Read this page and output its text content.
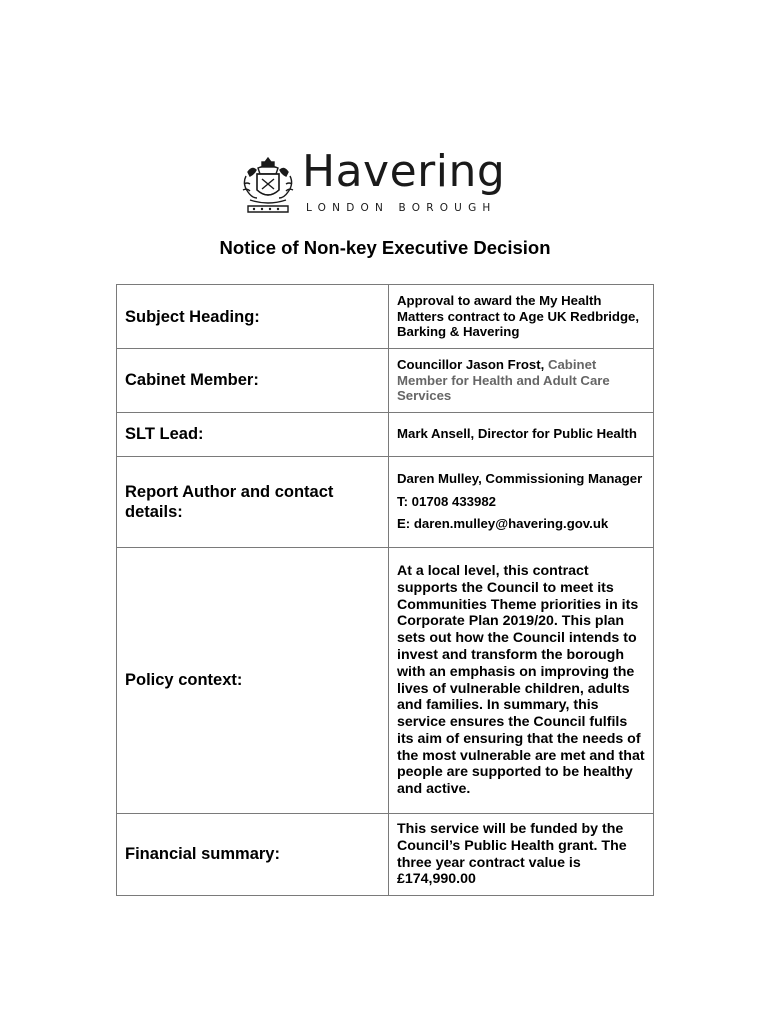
Havering
LONDON BOROUGH
Notice of Non-key Executive Decision
Subject Heading:	Approval to award the My Health Matters contract to Age UK Redbridge, Barking & Havering
Cabinet Member:	Councillor Jason Frost, Cabinet Member for Health and Adult Care Services
SLT Lead:	Mark Ansell, Director for Public Health
Report Author and contact details:	Daren Mulley, Commissioning Manager
T: 01708 433982
E: daren.mulley@havering.gov.uk

Policy context:	At a local level, this contract supports the Council to meet its Communities Theme priorities in its Corporate Plan 2019/20. This plan sets out how the Council intends to invest and transform the borough with an emphasis on improving the lives of vulnerable children, adults and families. In summary, this service ensures the Council fulfils its aim of ensuring that the needs of the most vulnerable are met and that people are supported to be healthy and active.
Financial summary:	This service will be funded by the Council’s Public Health grant. The three year contract value is £174,990.00
